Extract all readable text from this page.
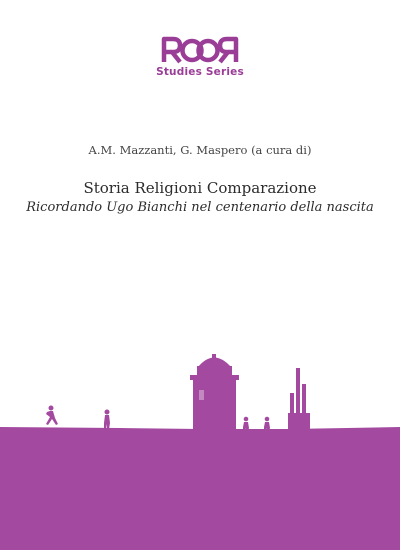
Studies Series
A.M. Mazzanti, G. Maspero (a cura di)
Storia Religioni Comparazione
Ricordando Ugo Bianchi nel centenario della nascita
